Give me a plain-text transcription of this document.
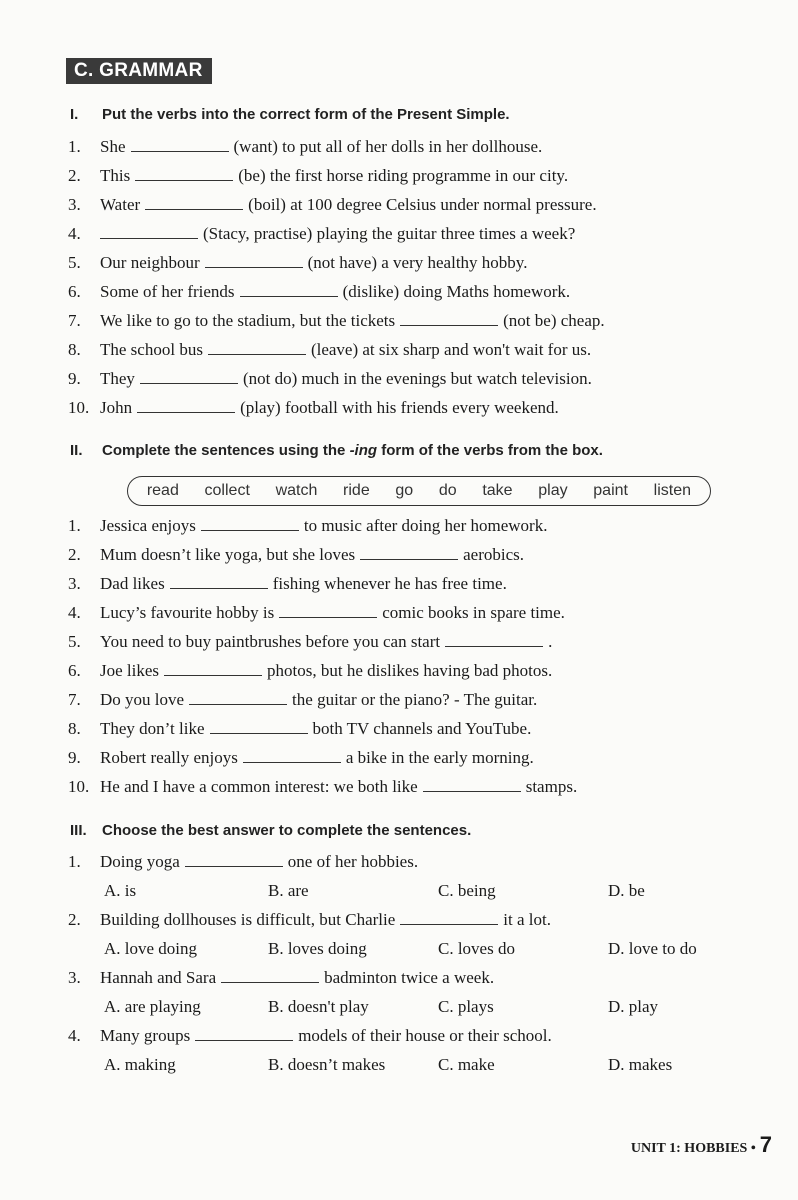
C. GRAMMAR
I. Put the verbs into the correct form of the Present Simple.
1. She	(want) to put all of her dolls in her dollhouse.
2. This	(be) the first horse riding programme in our city.
3. Water	(boil) at 100 degree Celsius under normal pressure.
4.	(Stacy, practise) playing the guitar three times a week?
5. Our neighbour	(not have) a very healthy hobby.
6. Some of her friends	(dislike) doing Maths homework.
7. We like to go to the stadium, but the tickets	(not be) cheap.
8. The school bus	(leave) at six sharp and won't wait for us.
9. They	(not do) much in the evenings but watch television.
10. John	(play) football with his friends every weekend.
II. Complete the sentences using the -ing form of the verbs from the box.
read collect watch ride go do take play paint listen
1. Jessica enjoys	to music after doing her homework.
2. Mum doesn’t like yoga, but she loves	aerobics.
3. Dad likes	fishing whenever he has free time.
4. Lucy’s favourite hobby is	comic books in spare time.
5. You need to buy paintbrushes before you can start	.
6. Joe likes	photos, but he dislikes having bad photos.
7. Do you love	the guitar or the piano? - The guitar.
8. They don’t like	both TV channels and YouTube.
9. Robert really enjoys	a bike in the early morning.
10. He and I have a common interest: we both like	stamps.
III. Choose the best answer to complete the sentences.
1. Doing yoga	one of her hobbies.
A. is	B. are	C. being	D. be
2. Building dollhouses is difficult, but Charlie	it a lot.
A. love doing	B. loves doing	C. loves do	D. love to do
3. Hannah and Sara	badminton twice a week.
A. are playing	B. doesn't play	C. plays	D. play
4. Many groups	models of their house or their school.
A. making	B. doesn’t makes	C. make	D. makes
UNIT 1: HOBBIES • 7
